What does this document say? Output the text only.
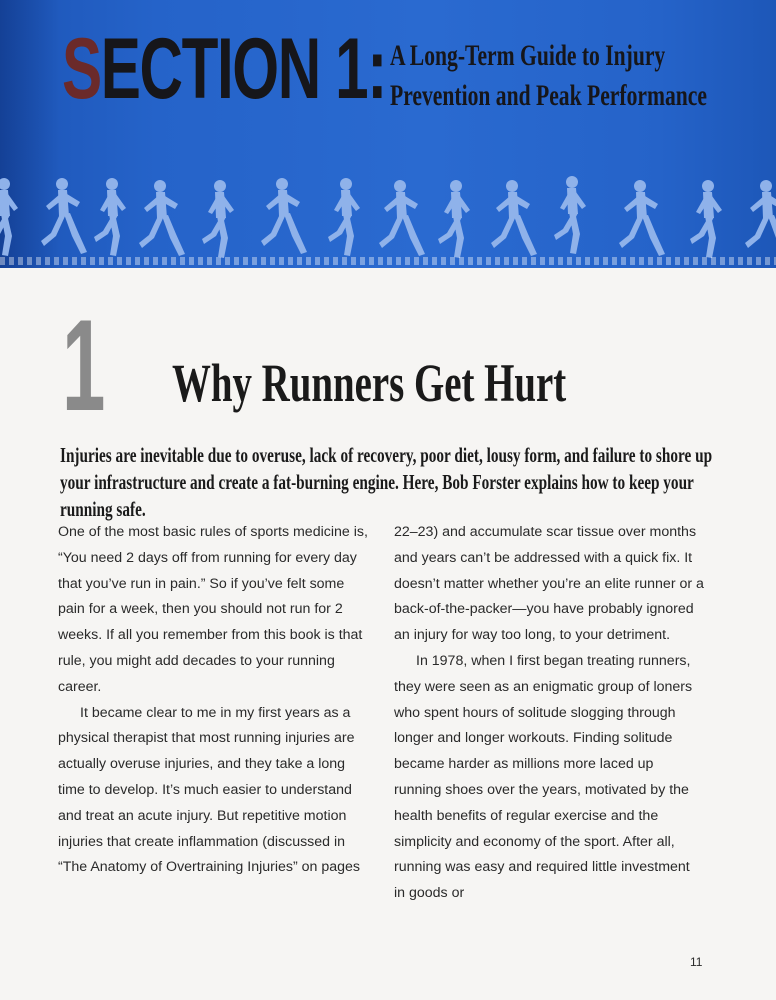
SECTION 1: A Long-Term Guide to Injury
Prevention and Peak Performance
1 Why Runners Get Hurt
Injuries are inevitable due to overuse, lack of recovery, poor diet, lousy form, and failure to shore up your infrastructure and create a fat-burning engine. Here, Bob Forster explains how to keep your running safe.

One of the most basic rules of sports medicine is, “You need 2 days off from running for every day that you’ve run in pain.” So if you’ve felt some pain for a week, then you should not run for 2 weeks. If all you remember from this book is that rule, you might add decades to your running career.

It became clear to me in my first years as a physical therapist that most running injuries are actually overuse injuries, and they take a long time to develop. It’s much easier to understand and treat an acute injury. But repetitive motion injuries that create inflammation (discussed in “The Anatomy of Overtraining Injuries” on pages

22–23) and accumulate scar tissue over months and years can’t be addressed with a quick fix. It doesn’t matter whether you’re an elite runner or a back-of-the-packer—you have probably ignored an injury for way too long, to your detriment.

In 1978, when I first began treating runners, they were seen as an enigmatic group of loners who spent hours of solitude slogging through longer and longer workouts. Finding solitude became harder as millions more laced up running shoes over the years, motivated by the health benefits of regular exercise and the simplicity and economy of the sport. After all, running was easy and required little investment in goods or

11
